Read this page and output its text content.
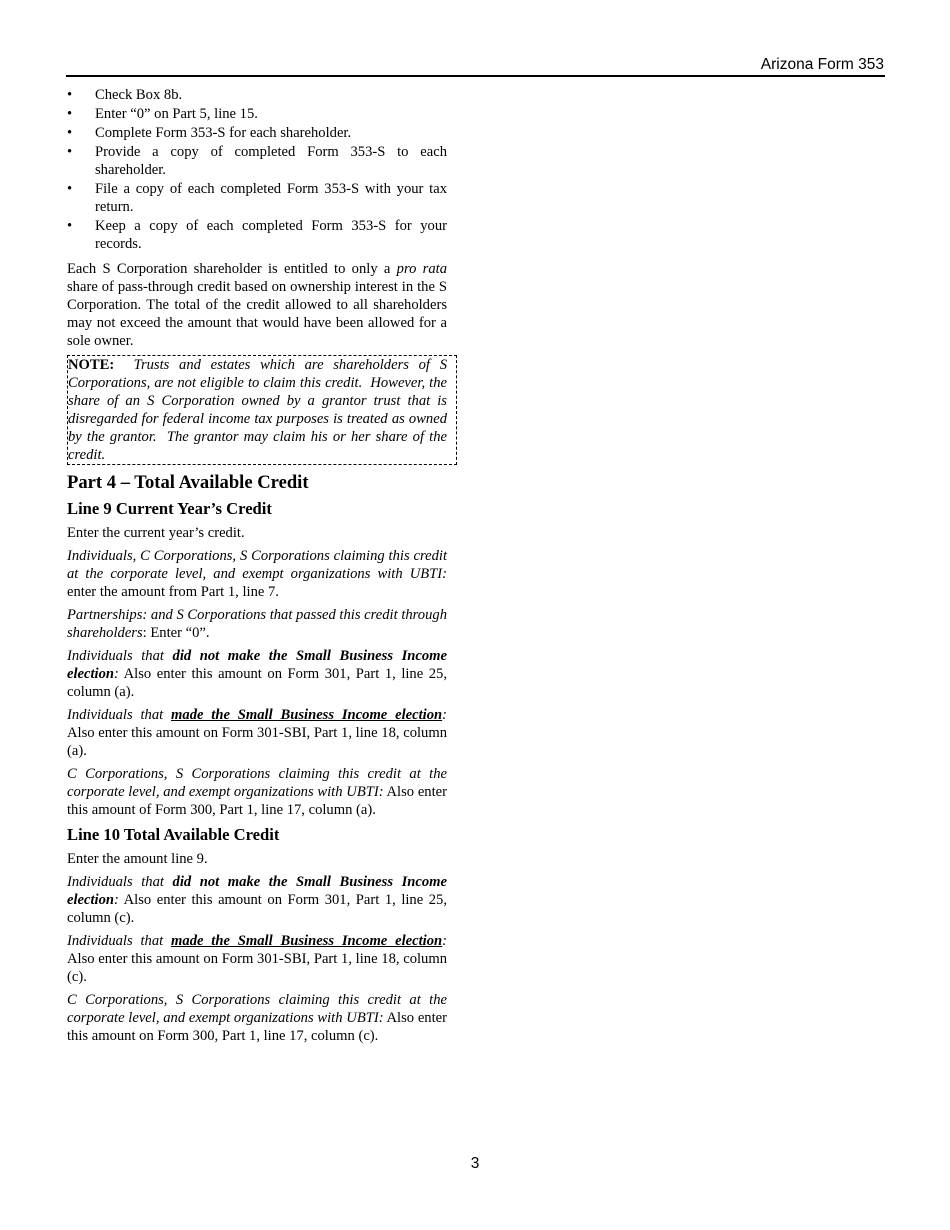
Arizona Form 353
• Check Box 8b.
• Enter “0” on Part 5, line 15.
• Complete Form 353-S for each shareholder.
• Provide a copy of completed Form 353-S to each shareholder.
• File a copy of each completed Form 353-S with your tax return.
• Keep a copy of each completed Form 353-S for your records.

Each S Corporation shareholder is entitled to only a pro rata share of pass-through credit based on ownership interest in the S Corporation. The total of the credit allowed to all shareholders may not exceed the amount that would have been allowed for a sole owner.

NOTE:  Trusts and estates which are shareholders of S Corporations, are not eligible to claim this credit.  However, the share of an S Corporation owned by a grantor trust that is disregarded for federal income tax purposes is treated as owned by the grantor.  The grantor may claim his or her share of the credit.
Part 4 – Total Available Credit
Line 9 Current Year’s Credit

Enter the current year’s credit.

Individuals, C Corporations, S Corporations claiming this credit at the corporate level, and exempt organizations with UBTI: enter the amount from Part 1, line 7.

Partnerships: and S Corporations that passed this credit through shareholders: Enter “0”.

Individuals that did not make the Small Business Income election: Also enter this amount on Form 301, Part 1, line 25, column (a).

Individuals that made the Small Business Income election: Also enter this amount on Form 301-SBI, Part 1, line 18, column (a).

C Corporations, S Corporations claiming this credit at the corporate level, and exempt organizations with UBTI: Also enter this amount of Form 300, Part 1, line 17, column (a).

Line 10 Total Available Credit

Enter the amount line 9.

Individuals that did not make the Small Business Income election: Also enter this amount on Form 301, Part 1, line 25, column (c).

Individuals that made the Small Business Income election: Also enter this amount on Form 301-SBI, Part 1, line 18, column (c).

C Corporations, S Corporations claiming this credit at the corporate level, and exempt organizations with UBTI: Also enter this amount on Form 300, Part 1, line 17, column (c).

3
